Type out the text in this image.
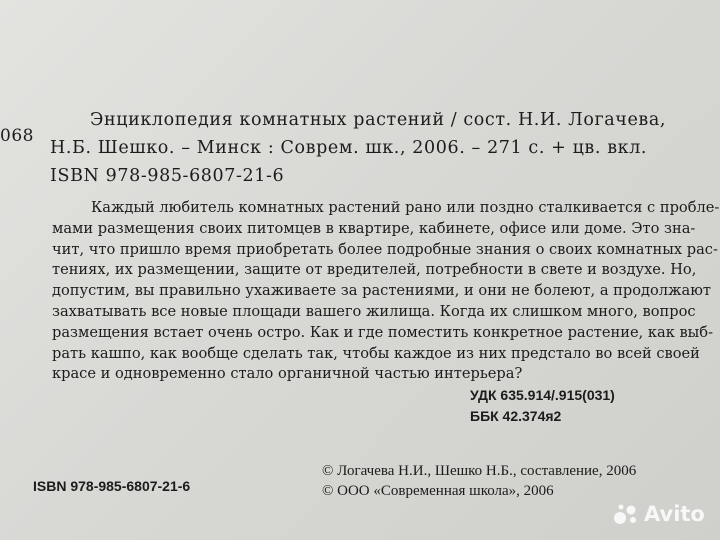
068
Энциклопедия комнатных растений / сост. Н.И. Логачева,
Н.Б. Шешко. – Минск : Соврем. шк., 2006. – 271 с. + цв. вкл.
ISBN 978-985-6807-21-6
Каждый любитель комнатных растений рано или поздно сталкивается с пробле-
мами размещения своих питомцев в квартире, кабинете, офисе или доме. Это зна-
чит, что пришло время приобретать более подробные знания о своих комнатных рас-
тениях, их размещении, защите от вредителей, потребности в свете и воздухе. Но,
допустим, вы правильно ухаживаете за растениями, и они не болеют, а продолжают
захватывать все новые площади вашего жилища. Когда их слишком много, вопрос
размещения встает очень остро. Как и где поместить конкретное растение, как выб-
рать кашпо, как вообще сделать так, чтобы каждое из них предстало во всей своей
красе и одновременно стало органичной частью интерьера?
УДК 635.914/.915(031)
ББК 42.374я2
ISBN 978-985-6807-21-6
© Логачева Н.И., Шешко Н.Б., составление, 2006
© ООО «Современная школа», 2006
Avito
